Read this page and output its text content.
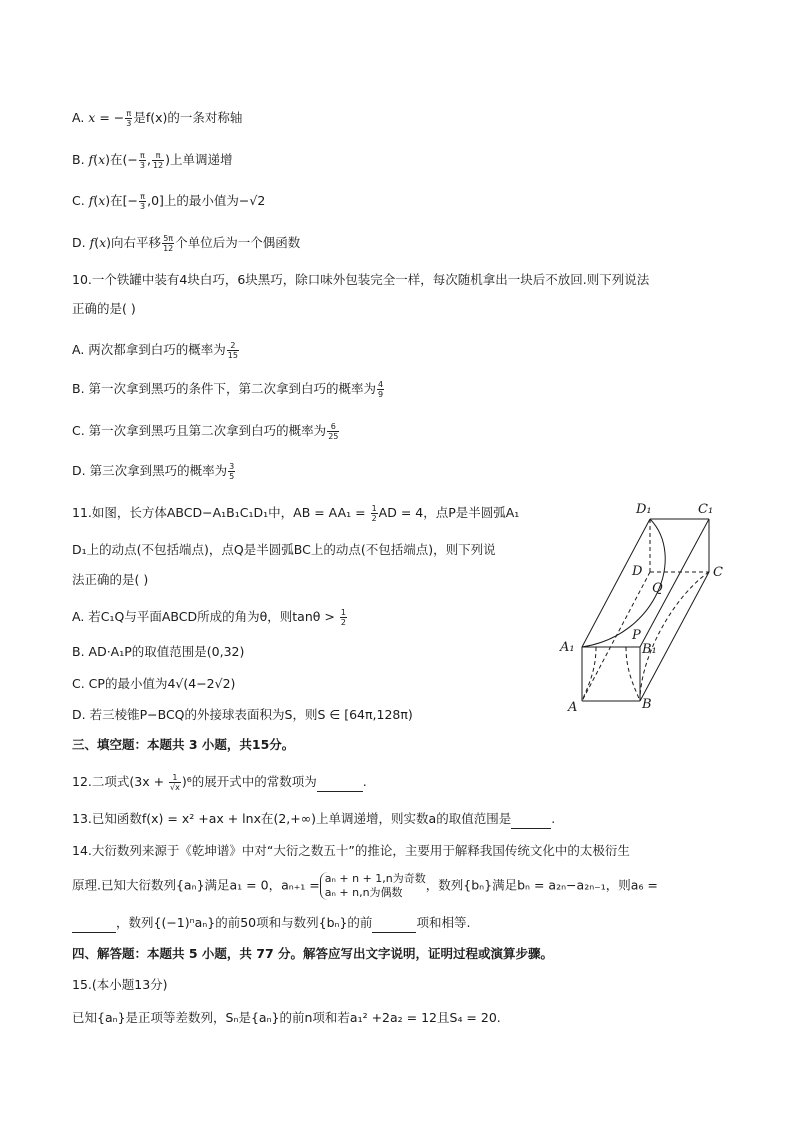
A. x = − $\frac{\pi}{3}$ 是f(x)的一条对称轴
B. f(x)在(− $\frac{\pi}{3}$ , $\frac{\pi}{12}$ )上单调递增
C. f(x)在[− $\frac{\pi}{3} ,0$]上的最小值为−√2
D. f(x)向右平移 $\frac{5\pi}{12}$ 个单位后为一个偶函数
10.一个铁罐中装有4块白巧，6块黑巧，除口味外包装完全一样，每次随机拿出一块后不放回.则下列说法
正确的是( )
A. 两次都拿到白巧的概率为 $\frac{2}{15}$
B. 第一次拿到黑巧的条件下，第二次拿到白巧的概率为 $\frac{4}{9}$
C. 第一次拿到黑巧且第二次拿到白巧的概率为 $\frac{6}{25}$
D. 第三次拿到黑巧的概率为 $\frac{3}{5}$
11.如图，长方体ABCD−A₁B₁C₁D₁中，AB = $AA_1 = \frac{1}{2}$ AD = 4，点P是半圆弧A₁
D₁上的动点(不包括端点)，点Q是半圆弧BC上的动点(不包括端点)，则下列说
法正确的是( )
A. 若C₁Q与平面ABCD所成的角为θ，则$\tan\theta > \frac{1}{2}$
B. AD·A₁P的取值范围是(0,32)
C. CP的最小值为4√(4−2√2)
D. 若三棱锥P−BCQ的外接球表面积为S，则S ∈ [64π,128π)
三、填空题：本题共 3 小题，共15分。
12.二项式$(3x + \frac{1}{√x} )^6$的展开式中的常数项为	.
13.已知函数f(x) = x² +ax + lnx在(2,+∞)上单调递增，则实数a的取值范围是	.
14.大衍数列来源于《乾坤谱》中对“大衍之数五十”的推论，主要用于解释我国传统文化中的太极衍生
原理.已知大衍数列{aₙ}满足a₁ = 0，aₙ₊₁ = aₙ + n + 1,n为奇数
aₙ + n,n为偶数	，数列{bₙ}满足bₙ = a₂ₙ−a₂ₙ₋₁，则a₆ =
，数列{(−1)ⁿaₙ}的前50项和与数列{bₙ}的前	项和相等.
四、解答题：本题共 5 小题，共 77 分。解答应写出文字说明，证明过程或演算步骤。
15.(本小题13分)
已知{aₙ}是正项等差数列，Sₙ是{aₙ}的前n项和若a₁² +2a₂ = 12且S₄ = 20.
D₁	C₁
D	C
Q
P
A₁	B₁
A	B
